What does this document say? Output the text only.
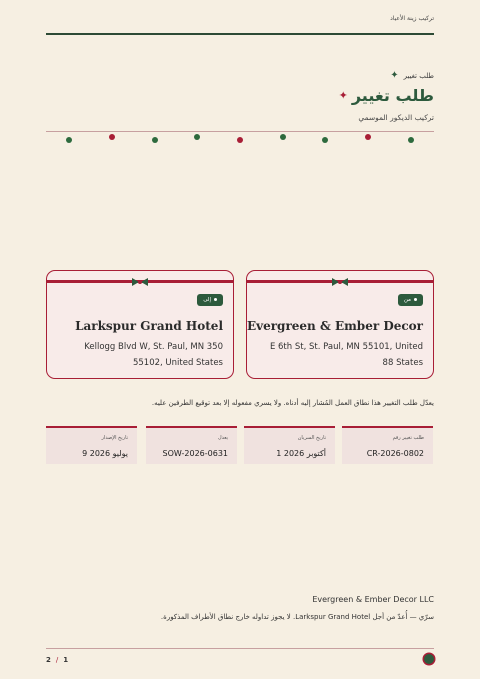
تركيب زينة الأعياد
طلب تغيير
✦
طلب تغيير
✦
تركيب الديكور الموسمي
من
Evergreen & Ember Decor
E 6th St, St. Paul, MN 55101, United 88 States
إلى
Larkspur Grand Hotel
Kellogg Blvd W, St. Paul, MN 350 55102, United States
يعدّل طلب التغيير هذا نطاق العمل المُشار إليه أدناه. ولا يسري مفعوله إلا بعد توقيع الطرفين عليه.
طلب تغيير رقم
CR-2026-0802
تاريخ السريان
1 أكتوبر 2026
يعدل
SOW-2026-0631
تاريخ الإصدار
9 يوليو 2026
Evergreen & Ember Decor LLC
سرّي — أُعدّ من أجل Larkspur Grand Hotel. لا يجوز تداوله خارج نطاق الأطراف المذكورة.
2 / 1
